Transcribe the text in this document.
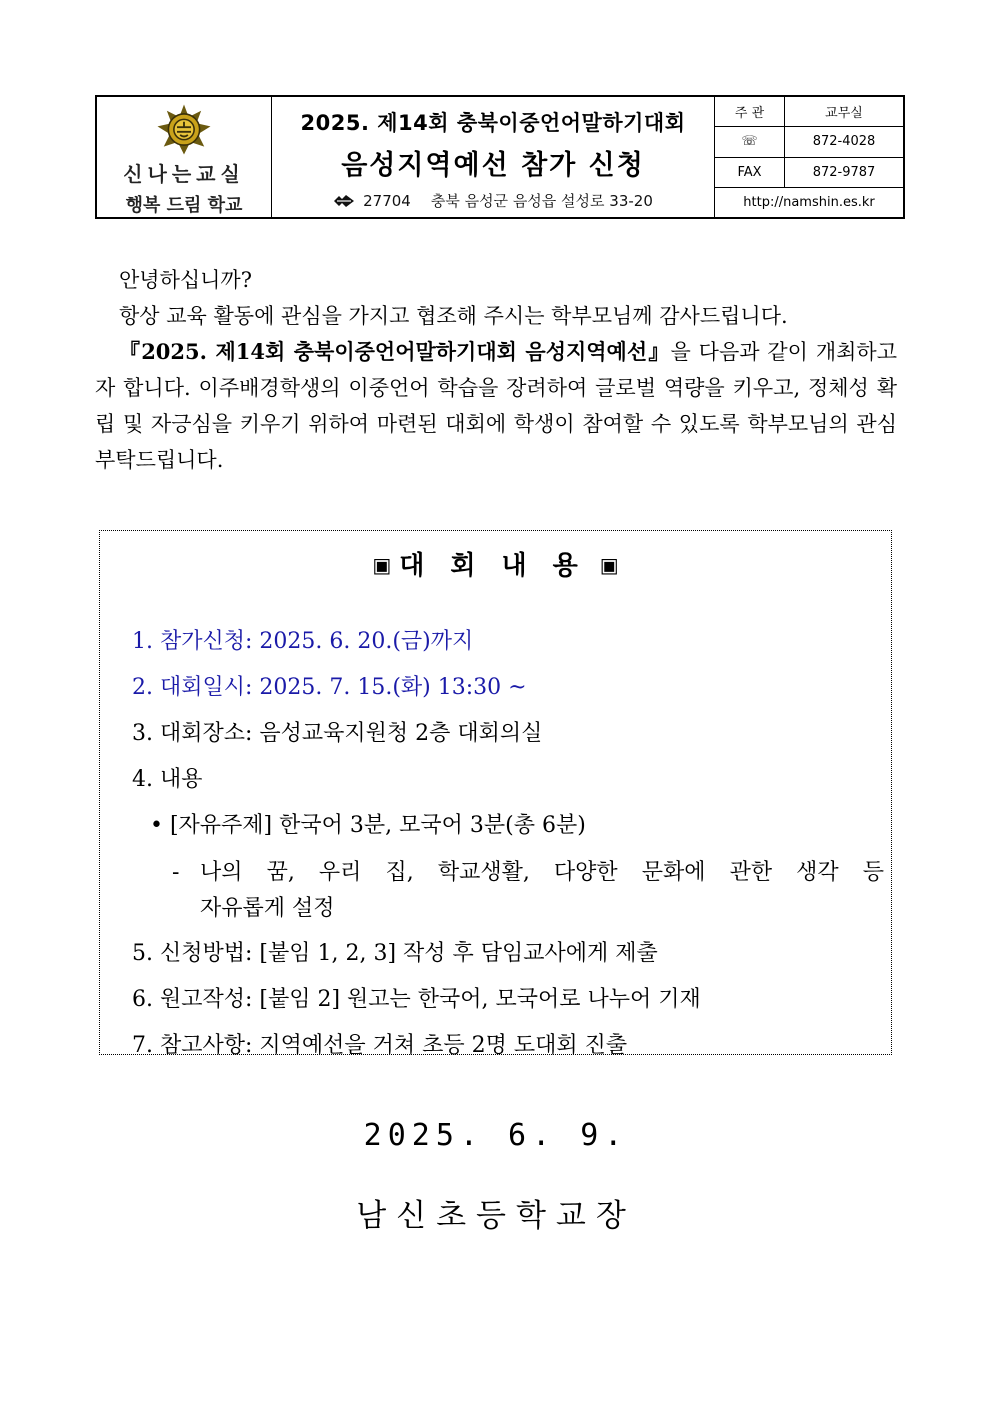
신나는교실
행복 드림 학교
2025. 제14회 충북이중언어말하기대회
음성지역예선 참가 신청
27704 충북 음성군 음성읍 설성로 33-20
주 관	교무실
☏	872-4028
FAX	872-9787
http://namshin.es.kr

안녕하십니까?

항상 교육 활동에 관심을 가지고 협조해 주시는 학부모님께 감사드립니다.

『2025. 제14회 충북이중언어말하기대회 음성지역예선』을 다음과 같이 개최하고자 합니다. 이주배경학생의 이중언어 학습을 장려하여 글로벌 역량을 키우고, 정체성 확립 및 자긍심을 키우기 위하여 마련된 대회에 학생이 참여할 수 있도록 학부모님의 관심 부탁드립니다.

▣ 대회내용▣
1. 참가신청: 2025. 6. 20.(금)까지
2. 대회일시: 2025. 7. 15.(화) 13:30 ~
3. 대회장소: 음성교육지원청 2층 대회의실
4. 내용
• [자유주제] 한국어 3분, 모국어 3분(총 6분)
- 나의 꿈, 우리 집, 학교생활, 다양한 문화에 관한 생각 등
자유롭게 설정
5. 신청방법: [붙임 1, 2, 3] 작성 후 담임교사에게 제출
6. 원고작성: [붙임 2] 원고는 한국어, 모국어로 나누어 기재
7. 참고사항: 지역예선을 거쳐 초등 2명 도대회 진출
2025. 6. 9.
남신초등학교장
